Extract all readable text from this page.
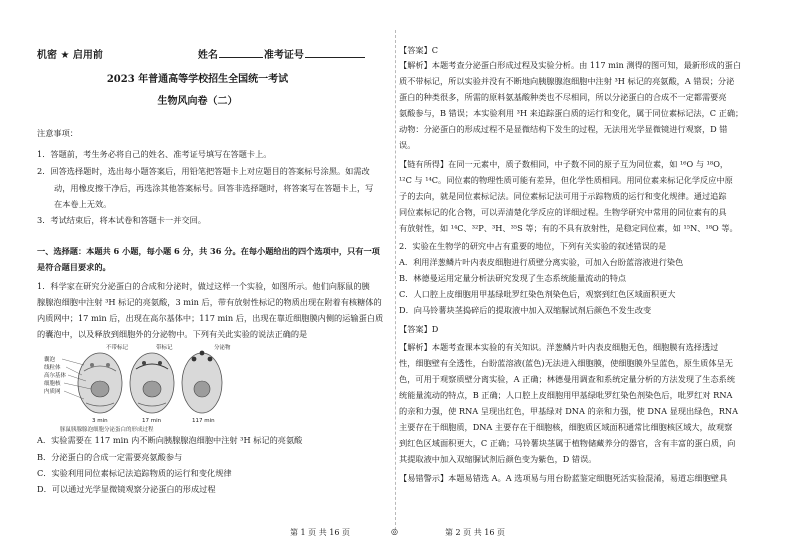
机密 ★ 启用前	姓名	准考证号
2023 年普通高等学校招生全国统一考试
生物风向卷（二）
注意事项：
1．答题前，考生务必将自己的姓名、准考证号填写在答题卡上。
2．回答选择题时，选出每小题答案后，用铅笔把答题卡上对应题目的答案标号涂黑。如需改
动，用橡皮擦干净后，再选涂其他答案标号。回答非选择题时，将答案写在答题卡上，写
在本卷上无效。
3．考试结束后，将本试卷和答题卡一并交回。
一、选择题：本题共 6 小题，每小题 6 分，共 36 分。在每小题给出的四个选项中，只有一项
是符合题目要求的。
1．科学家在研究分泌蛋白的合成和分泌时，做过这样一个实验，如图所示。他们向豚鼠的胰
腺腺泡细胞中注射 ³H 标记的亮氨酸，3 min 后，带有放射性标记的物质出现在附着有核糖体的
内质网中；17 min 后，出现在高尔基体中；117 min 后，出现在靠近细胞膜内侧的运输蛋白质
的囊泡中，以及释放到细胞外的分泌物中。下列有关此实验的说法正确的是
囊泡
线粒体
高尔基体
细胞核
内质网
不带标记	带标记	分泌物
3 min	17 min	117 min
豚鼠胰腺腺泡细胞分泌蛋白的形成过程
A．实验需要在 117 min 内不断向胰腺腺泡细胞中注射 ³H 标记的亮氨酸
B．分泌蛋白的合成一定需要亮氨酸参与
C．实验利用同位素标记法追踪物质的运行和变化规律
D．可以通过光学显微镜观察分泌蛋白的形成过程
第 1 页 共 16 页	◎
【答案】C
【解析】本题考查分泌蛋白形成过程及实验分析。由 117 min 测得的图可知，最新形成的蛋白
质不带标记，所以实验并没有不断地向胰腺腺泡细胞中注射 ³H 标记的亮氨酸，A 错误；分泌
蛋白的种类很多，所需的原料氨基酸种类也不尽相同，所以分泌蛋白的合成不一定都需要亮
氨酸参与，B 错误；本实验利用 ³H 来追踪蛋白质的运行和变化，属于同位素标记法，C 正确；
动物：分泌蛋白的形成过程不是显微结构下发生的过程，无法用光学显微镜进行观察，D 错
误。
【链有所得】在同一元素中，质子数相同，中子数不同的原子互为同位素，如 ¹⁶O 与 ¹⁸O，
¹²C 与 ¹⁴C。同位素的物理性质可能有差异，但化学性质相同。用同位素来标记化学反应中原
子的去向，就是同位素标记法。同位素标记法可用于示踪物质的运行和变化规律。通过追踪
同位素标记的化合物，可以弄清楚化学反应的详细过程。生物学研究中常用的同位素有的具
有放射性，如 ¹⁴C、³²P、³H、³⁵S 等；有的不具有放射性，是稳定同位素，如 ¹⁵N、¹⁸O 等。
2．实验在生物学的研究中占有重要的地位，下列有关实验的叙述错误的是
A．利用洋葱鳞片叶内表皮细胞进行质壁分离实验，可加入台盼蓝溶液进行染色
B．林德曼运用定量分析法研究发现了生态系统能量流动的特点
C．人口腔上皮细胞用甲基绿吡罗红染色剂染色后，观察到红色区域面积更大
D．向马铃薯块茎捣碎后的提取液中加入双缩脲试剂后颜色不发生改变
【答案】D
【解析】本题考查课本实验的有关知识。洋葱鳞片叶内表皮细胞无色，细胞膜有选择透过
性，细胞壁有全透性，台盼蓝溶液(蓝色)无法进入细胞膜，使细胞膜外呈蓝色，原生质体呈无
色，可用于观察质壁分离实验，A 正确；林德曼用调查和系统定量分析的方法发现了生态系统
统能量流动的特点，B 正确；人口腔上皮细胞用甲基绿吡罗红染色剂染色后，吡罗红对 RNA
的亲和力强，使 RNA 呈现出红色，甲基绿对 DNA 的亲和力强，使 DNA 显现出绿色，RNA
主要存在于细胞质，DNA 主要存在于细胞核，细胞质区域面积通常比细胞核区域大，故观察
到红色区域面积更大，C 正确；马铃薯块茎属于植物储藏养分的器官，含有丰富的蛋白质，向
其提取液中加入双缩脲试剂后颜色变为紫色，D 错误。
【易错警示】本题易错选 A。A 选项易与用台盼蓝鉴定细胞死活实验混淆，易道忘细胞壁具
第 2 页 共 16 页
